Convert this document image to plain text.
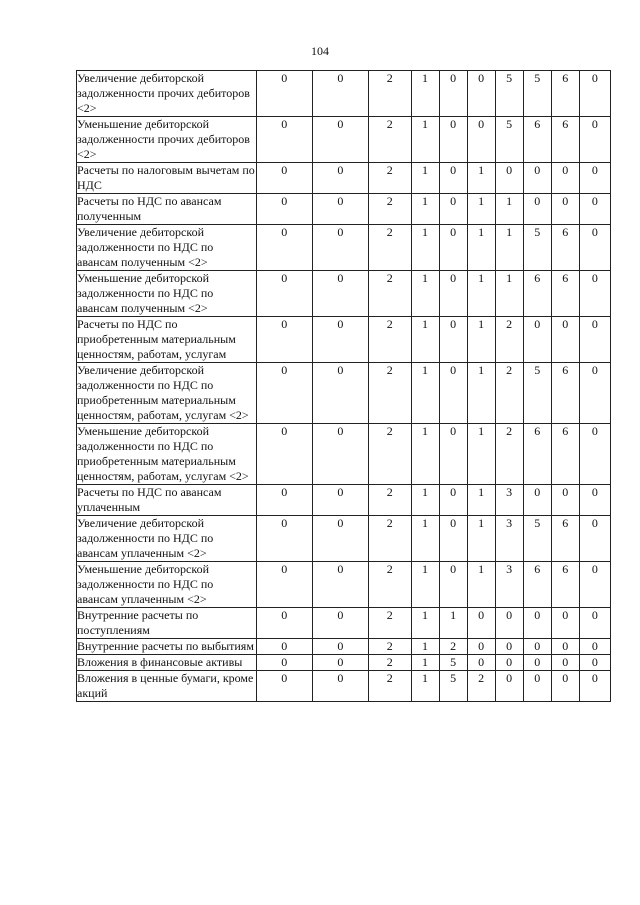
104
Увеличение дебиторской задолженности прочих дебиторов <2>	0	0	2	1	0	0	5	5	6	0
Уменьшение дебиторской задолженности прочих дебиторов <2>	0	0	2	1	0	0	5	6	6	0
Расчеты по налоговым вычетам по НДС	0	0	2	1	0	1	0	0	0	0
Расчеты по НДС по авансам полученным	0	0	2	1	0	1	1	0	0	0
Увеличение дебиторской задолженности по НДС по авансам полученным <2>	0	0	2	1	0	1	1	5	6	0
Уменьшение дебиторской задолженности по НДС по авансам полученным <2>	0	0	2	1	0	1	1	6	6	0
Расчеты по НДС по приобретенным материальным ценностям, работам, услугам	0	0	2	1	0	1	2	0	0	0
Увеличение дебиторской задолженности по НДС по приобретенным материальным ценностям, работам, услугам <2>	0	0	2	1	0	1	2	5	6	0
Уменьшение дебиторской задолженности по НДС по приобретенным материальным ценностям, работам, услугам <2>	0	0	2	1	0	1	2	6	6	0
Расчеты по НДС по авансам уплаченным	0	0	2	1	0	1	3	0	0	0
Увеличение дебиторской задолженности по НДС по авансам уплаченным <2>	0	0	2	1	0	1	3	5	6	0
Уменьшение дебиторской задолженности по НДС по авансам уплаченным <2>	0	0	2	1	0	1	3	6	6	0
Внутренние расчеты по поступлениям	0	0	2	1	1	0	0	0	0	0
Внутренние расчеты по выбытиям	0	0	2	1	2	0	0	0	0	0
Вложения в финансовые активы	0	0	2	1	5	0	0	0	0	0
Вложения в ценные бумаги, кроме акций	0	0	2	1	5	2	0	0	0	0
